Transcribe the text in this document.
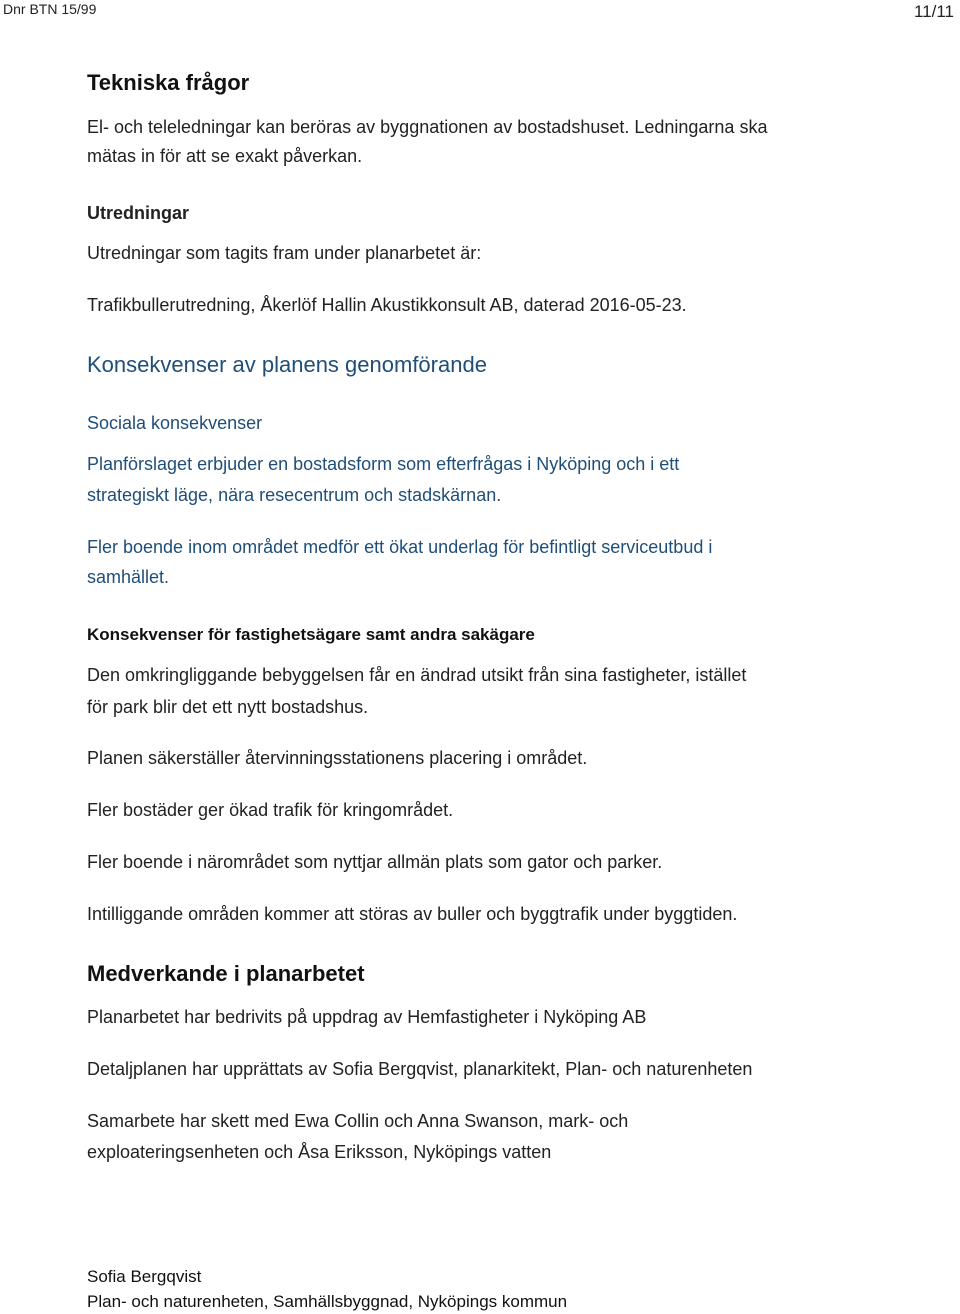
Dnr BTN 15/99	11/11
Tekniska frågor
El- och teleledningar kan beröras av byggnationen av bostadshuset. Ledningarna ska
mätas in för att se exakt påverkan.
Utredningar
Utredningar som tagits fram under planarbetet är:
Trafikbullerutredning, Åkerlöf Hallin Akustikkonsult AB, daterad 2016-05-23.
Konsekvenser av planens genomförande
Sociala konsekvenser
Planförslaget erbjuder en bostadsform som efterfrågas i Nyköping och i ett
strategiskt läge, nära resecentrum och stadskärnan.
Fler boende inom området medför ett ökat underlag för befintligt serviceutbud i
samhället.
Konsekvenser för fastighetsägare samt andra sakägare
Den omkringliggande bebyggelsen får en ändrad utsikt från sina fastigheter, istället
för park blir det ett nytt bostadshus.
Planen säkerställer återvinningsstationens placering i området.
Fler bostäder ger ökad trafik för kringområdet.
Fler boende i närområdet som nyttjar allmän plats som gator och parker.
Intilliggande områden kommer att störas av buller och byggtrafik under byggtiden.
Medverkande i planarbetet
Planarbetet har bedrivits på uppdrag av Hemfastigheter i Nyköping AB
Detaljplanen har upprättats av Sofia Bergqvist, planarkitekt, Plan- och naturenheten
Samarbete har skett med Ewa Collin och Anna Swanson, mark- och
exploateringsenheten och Åsa Eriksson, Nyköpings vatten
Sofia Bergqvist
Plan- och naturenheten, Samhällsbyggnad, Nyköpings kommun
